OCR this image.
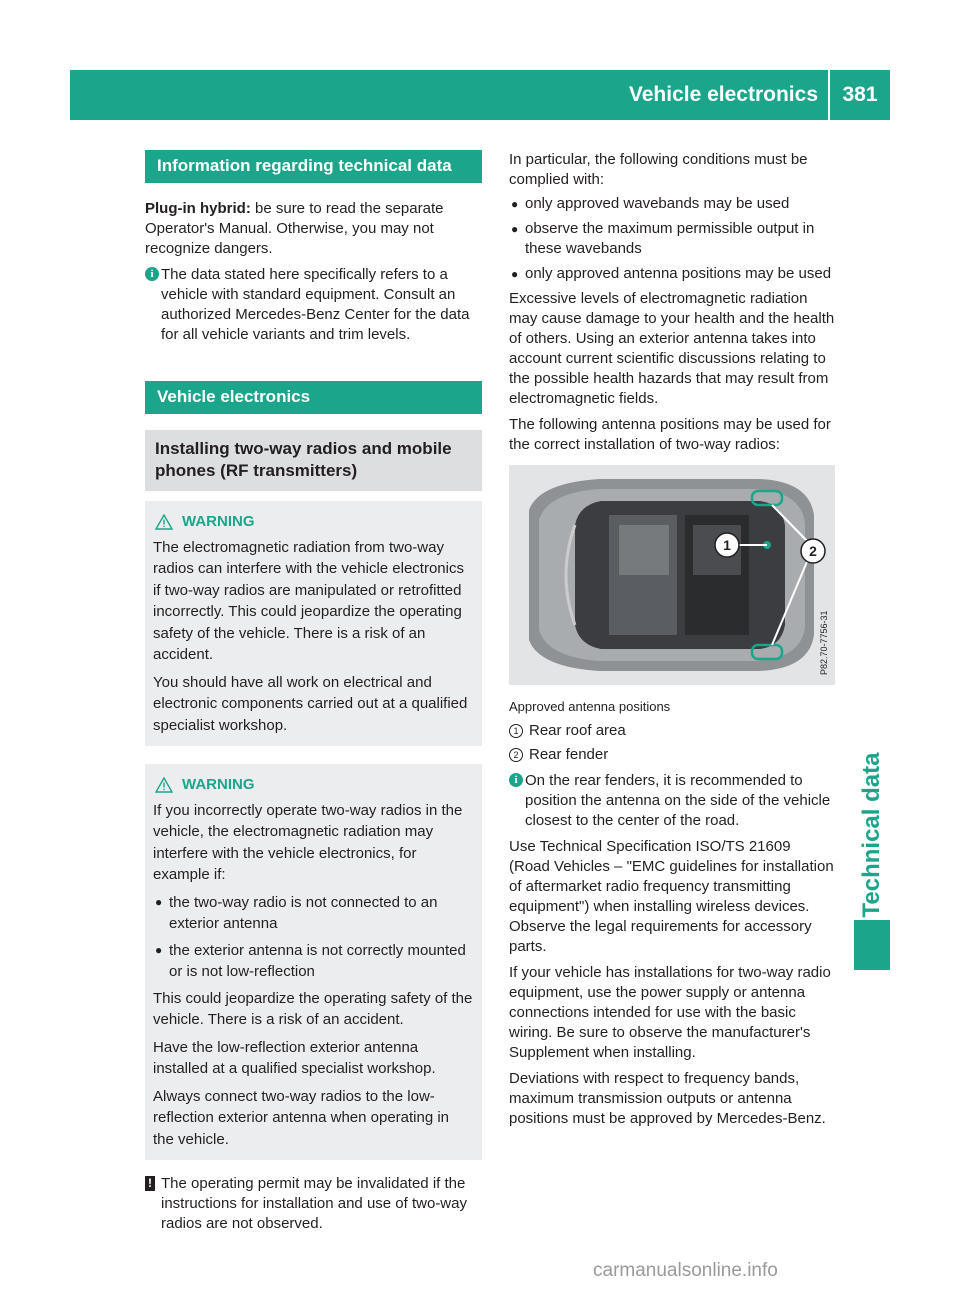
Vehicle electronics	381
Technical data
Information regarding technical data

Plug-in hybrid: be sure to read the separate Operator's Manual. Otherwise, you may not recognize dangers.

i The data stated here specifically refers to a vehicle with standard equipment. Consult an authorized Mercedes-Benz Center for the data for all vehicle variants and trim levels.
Vehicle electronics
Installing two-way radios and mobile phones (RF transmitters)
WARNING

The electromagnetic radiation from two-way radios can interfere with the vehicle electronics if two-way radios are manipulated or retrofitted incorrectly. This could jeopardize the operating safety of the vehicle. There is a risk of an accident.

You should have all work on electrical and electronic components carried out at a qualified specialist workshop.

WARNING

If you incorrectly operate two-way radios in the vehicle, the electromagnetic radiation may interfere with the vehicle electronics, for example if:

● the two-way radio is not connected to an exterior antenna
● the exterior antenna is not correctly mounted or is not low-reflection

This could jeopardize the operating safety of the vehicle. There is a risk of an accident.

Have the low-reflection exterior antenna installed at a qualified specialist workshop.

Always connect two-way radios to the low-reflection exterior antenna when operating in the vehicle.

! The operating permit may be invalidated if the instructions for installation and use of two-way radios are not observed.

In particular, the following conditions must be complied with:

● only approved wavebands may be used
● observe the maximum permissible output in these wavebands
● only approved antenna positions may be used

Excessive levels of electromagnetic radiation may cause damage to your health and the health of others. Using an exterior antenna takes into account current scientific discussions relating to the possible health hazards that may result from electromagnetic fields.

The following antenna positions may be used for the correct installation of two-way radios:

1	2
P82.70-7756-31
Approved antenna positions
1 Rear roof area
2 Rear fender
i On the rear fenders, it is recommended to position the antenna on the side of the vehicle closest to the center of the road.

Use Technical Specification ISO/TS 21609 (Road Vehicles – "EMC guidelines for installation of aftermarket radio frequency transmitting equipment") when installing wireless devices. Observe the legal requirements for accessory parts.

If your vehicle has installations for two-way radio equipment, use the power supply or antenna connections intended for use with the basic wiring. Be sure to observe the manufacturer's Supplement when installing.

Deviations with respect to frequency bands, maximum transmission outputs or antenna positions must be approved by Mercedes-Benz.

carmanualsonline.info
